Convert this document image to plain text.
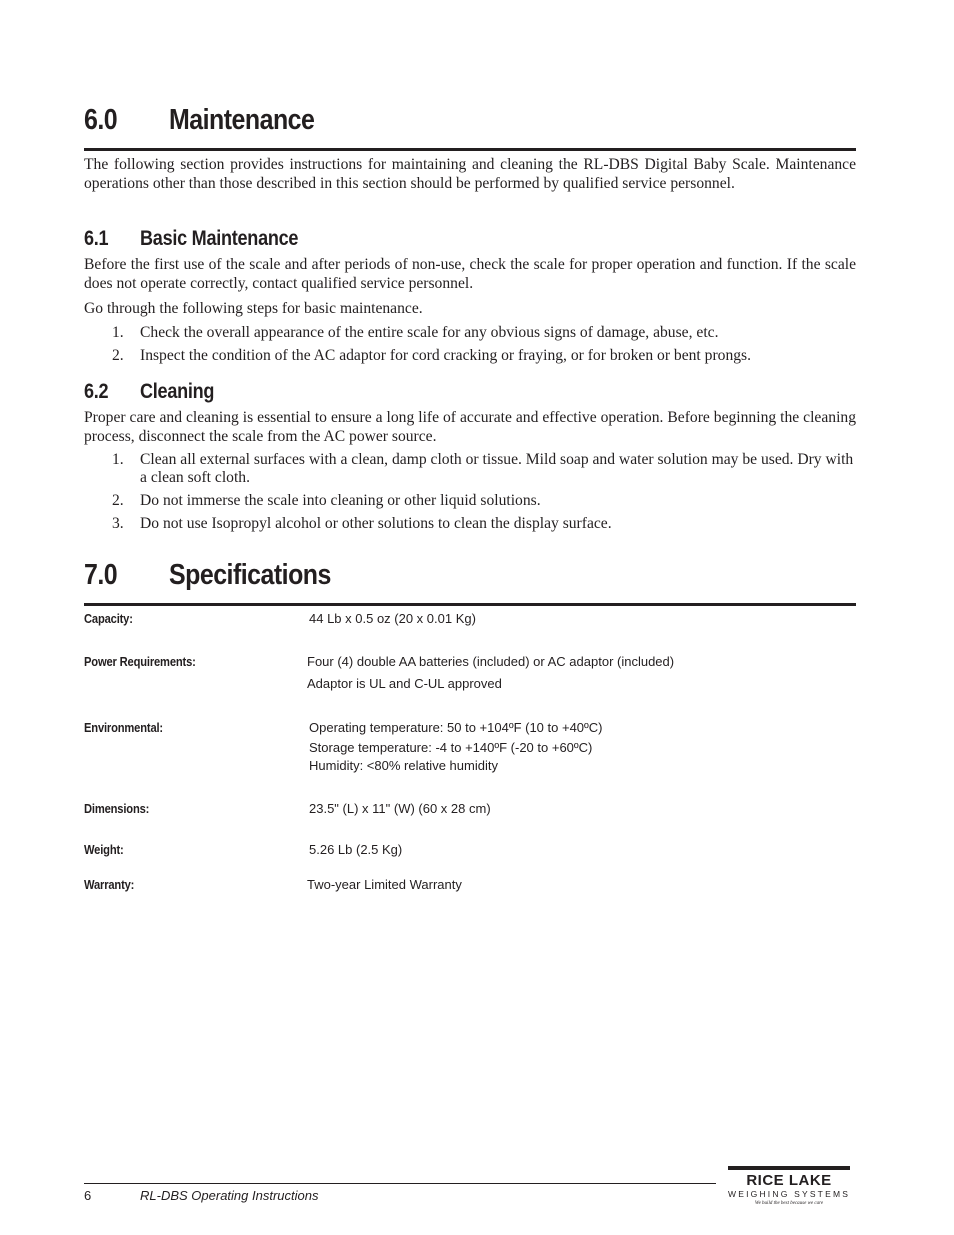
6.0 Maintenance

The following section provides instructions for maintaining and cleaning the RL-DBS Digital Baby Scale. Maintenance operations other than those described in this section should be performed by qualified service personnel.

6.1 Basic Maintenance

Before the first use of the scale and after periods of non-use, check the scale for proper operation and function. If the scale does not operate correctly, contact qualified service personnel.

Go through the following steps for basic maintenance.

1. Check the overall appearance of the entire scale for any obvious signs of damage, abuse, etc.
2. Inspect the condition of the AC adaptor for cord cracking or fraying, or for broken or bent prongs.
6.2 Cleaning

Proper care and cleaning is essential to ensure a long life of accurate and effective operation. Before beginning the cleaning process, disconnect the scale from the AC power source.

1. Clean all external surfaces with a clean, damp cloth or tissue. Mild soap and water solution may be used. Dry with a clean soft cloth.
2. Do not immerse the scale into cleaning or other liquid solutions.
3. Do not use Isopropyl alcohol or other solutions to clean the display surface.
7.0 Specifications
Capacity:	44 Lb x 0.5 oz (20 x 0.01 Kg)
Power Requirements:	Four (4) double AA batteries (included) or AC adaptor (included)
Adaptor is UL and C-UL approved
Environmental:	Operating temperature: 50 to +104ºF (10 to +40ºC)
Storage temperature: -4 to +140ºF (-20 to +60ºC)
Humidity: <80% relative humidity
Dimensions:	23.5" (L) x 11" (W) (60 x 28 cm)
Weight:	5.26 Lb (2.5 Kg)
Warranty:	Two-year Limited Warranty
6	RL-DBS Operating Instructions
RICE LAKE
WEIGHING SYSTEMS
We build the best because we care
